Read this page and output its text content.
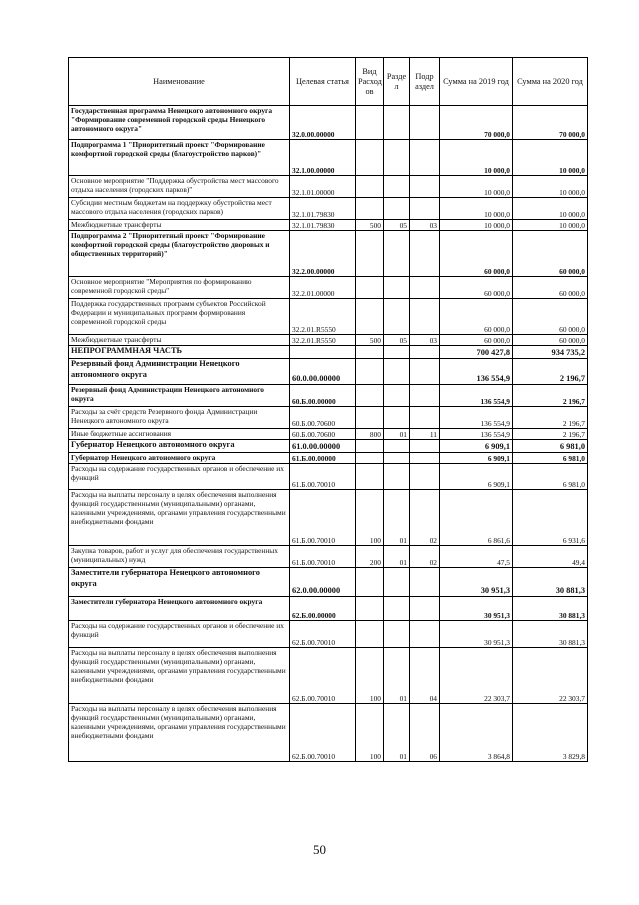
Наименование	Целевая статья	Вид Расход ов	Разде л	Подр аздел	Сумма на 2019 год	Сумма на 2020 год
Государственная программа Ненецкого автономного округа "Формирование современной городской среды Ненецкого автономного округа"	32.0.00.00000				70 000,0	70 000,0
Подпрограмма 1 "Приоритетный проект "Формирование комфортной городской среды (благоустройство парков)"	32.1.00.00000				10 000,0	10 000,0
Основное мероприятие "Поддержка обустройства мест массового отдыха населения (городских парков)"	32.1.01.00000				10 000,0	10 000,0
Субсидии местным бюджетам на поддержку обустройства мест массового отдыха населения (городских парков)	32.1.01.79830				10 000,0	10 000,0
Межбюджетные трансферты	32.1.01.79830	500	05	03	10 000,0	10 000,0
Подпрограмма 2 "Приоритетный проект "Формирование комфортной городской среды (благоустройство дворовых и общественных территорий)"	32.2.00.00000				60 000,0	60 000,0
Основное мероприятие "Мероприятия по формированию современной городской среды"	32.2.01.00000				60 000,0	60 000,0
Поддержка государственных программ субъектов Российской Федерации и муниципальных программ формирования современной городской среды	32.2.01.R5550				60 000,0	60 000,0
Межбюджетные трансферты	32.2.01.R5550	500	05	03	60 000,0	60 000,0
НЕПРОГРАММНАЯ ЧАСТЬ					700 427,8	934 735,2
Резервный фонд Администрации Ненецкого автономного округа	60.0.00.00000				136 554,9	2 196,7
Резервный фонд Администрации Ненецкого автономного округа	60.Б.00.00000				136 554,9	2 196,7
Расходы за счёт средств Резервного фонда Администрации Ненецкого автономного округа	60.Б.00.70600				136 554,9	2 196,7
Иные бюджетные ассигнования	60.Б.00.70600	800	01	11	136 554,9	2 196,7
Губернатор Ненецкого автономного округа	61.0.00.00000				6 909,1	6 981,0
Губернатор Ненецкого автономного округа	61.Б.00.00000				6 909,1	6 981,0
Расходы на содержание государственных органов и обеспечение их функций	61.Б.00.70010				6 909,1	6 981,0
Расходы на выплаты персоналу в целях обеспечения выполнения функций государственными (муниципальными) органами, казенными учреждениями, органами управления государственными внебюджетными фондами	61.Б.00.70010	100	01	02	6 861,6	6 931,6
Закупка товаров, работ и услуг для обеспечения государственных (муниципальных) нужд	61.Б.00.70010	200	01	02	47,5	49,4
Заместители губернатора Ненецкого автономного округа	62.0.00.00000				30 951,3	30 881,3
Заместители губернатора Ненецкого автономного округа	62.Б.00.00000				30 951,3	30 881,3
Расходы на содержание государственных органов и обеспечение их функций	62.Б.00.70010				30 951,3	30 881,3
Расходы на выплаты персоналу в целях обеспечения выполнения функций государственными (муниципальными) органами, казенными учреждениями, органами управления государственными внебюджетными фондами	62.Б.00.70010	100	01	04	22 303,7	22 303,7
Расходы на выплаты персоналу в целях обеспечения выполнения функций государственными (муниципальными) органами, казенными учреждениями, органами управления государственными внебюджетными фондами	62.Б.00.70010	100	01	06	3 864,8	3 829,8
50
